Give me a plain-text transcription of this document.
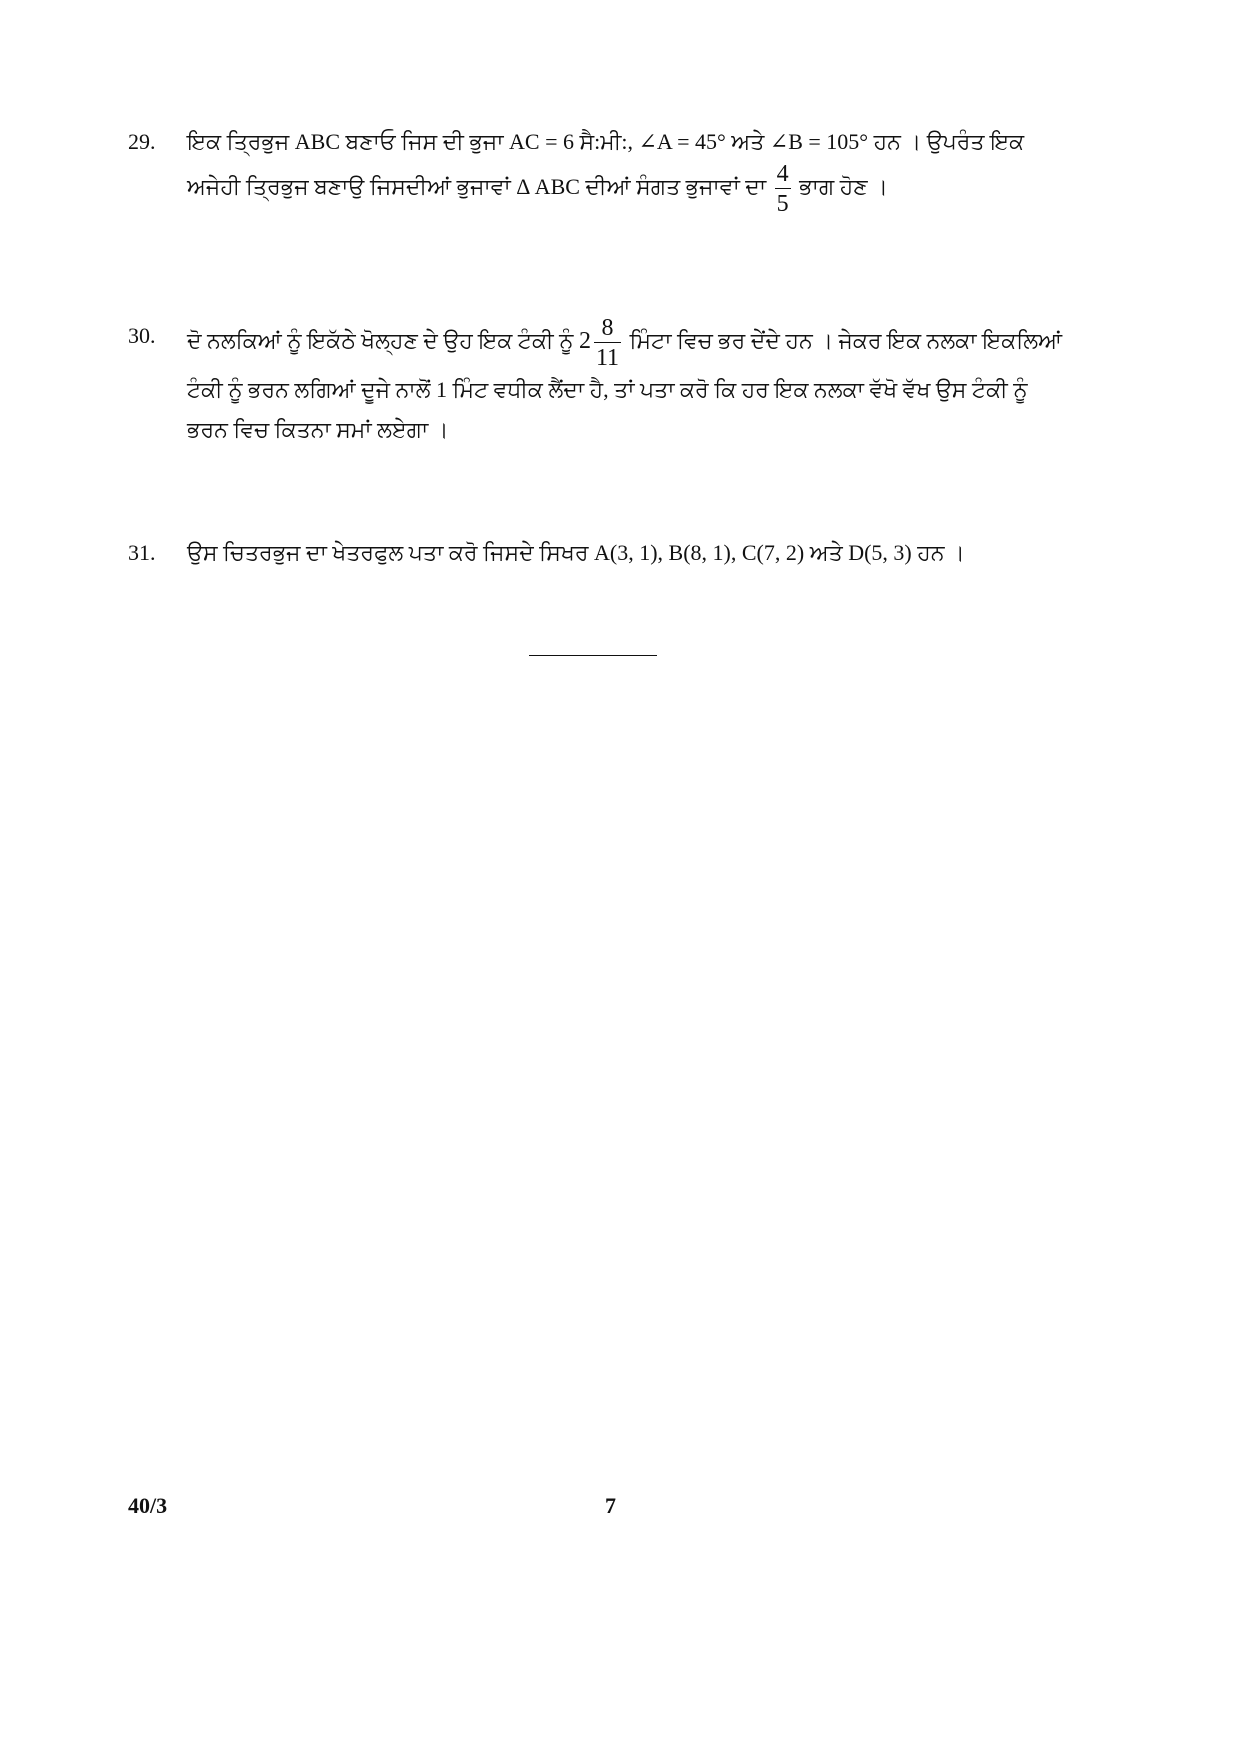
29.	ਇਕ ਤ੍ਰਿਭੁਜ ABC ਬਣਾਓ ਜਿਸ ਦੀ ਭੁਜਾ AC = 6 ਸੈ:ਮੀ:, ∠A = 45° ਅਤੇ ∠B = 105° ਹਨ । ਉਪਰੰਤ ਇਕ
ਅਜੇਹੀ ਤ੍ਰਿਭੁਜ ਬਣਾਉ ਜਿਸਦੀਆਂ ਭੁਜਾਵਾਂ Δ ABC ਦੀਆਂ ਸੰਗਤ ਭੁਜਾਵਾਂ ਦਾ $\frac{4}{5}$ ਭਾਗ ਹੋਣ ।
30.	ਦੋ ਨਲਕਿਆਂ ਨੂੰ ਇਕੱਠੇ ਖੋਲ੍ਹਣ ਦੇ ਉਹ ਇਕ ਟੰਕੀ ਨੂੰ $2 \frac{8}{11}$ ਮਿੰਟਾ ਵਿਚ ਭਰ ਦੇਂਦੇ ਹਨ । ਜੇਕਰ ਇਕ ਨਲਕਾ ਇਕਲਿਆਂ
ਟੰਕੀ ਨੂੰ ਭਰਨ ਲਗਿਆਂ ਦੂਜੇ ਨਾਲੋਂ 1 ਮਿੰਟ ਵਧੀਕ ਲੈਂਦਾ ਹੈ, ਤਾਂ ਪਤਾ ਕਰੋ ਕਿ ਹਰ ਇਕ ਨਲਕਾ ਵੱਖੋ ਵੱਖ ਉਸ ਟੰਕੀ ਨੂੰ
ਭਰਨ ਵਿਚ ਕਿਤਨਾ ਸਮਾਂ ਲਏਗਾ ।
31.	ਉਸ ਚਿਤਰਭੁਜ ਦਾ ਖੇਤਰਫੁਲ ਪਤਾ ਕਰੋ ਜਿਸਦੇ ਸਿਖਰ A(3, 1), B(8, 1), C(7, 2) ਅਤੇ D(5, 3) ਹਨ ।
40/3	7
